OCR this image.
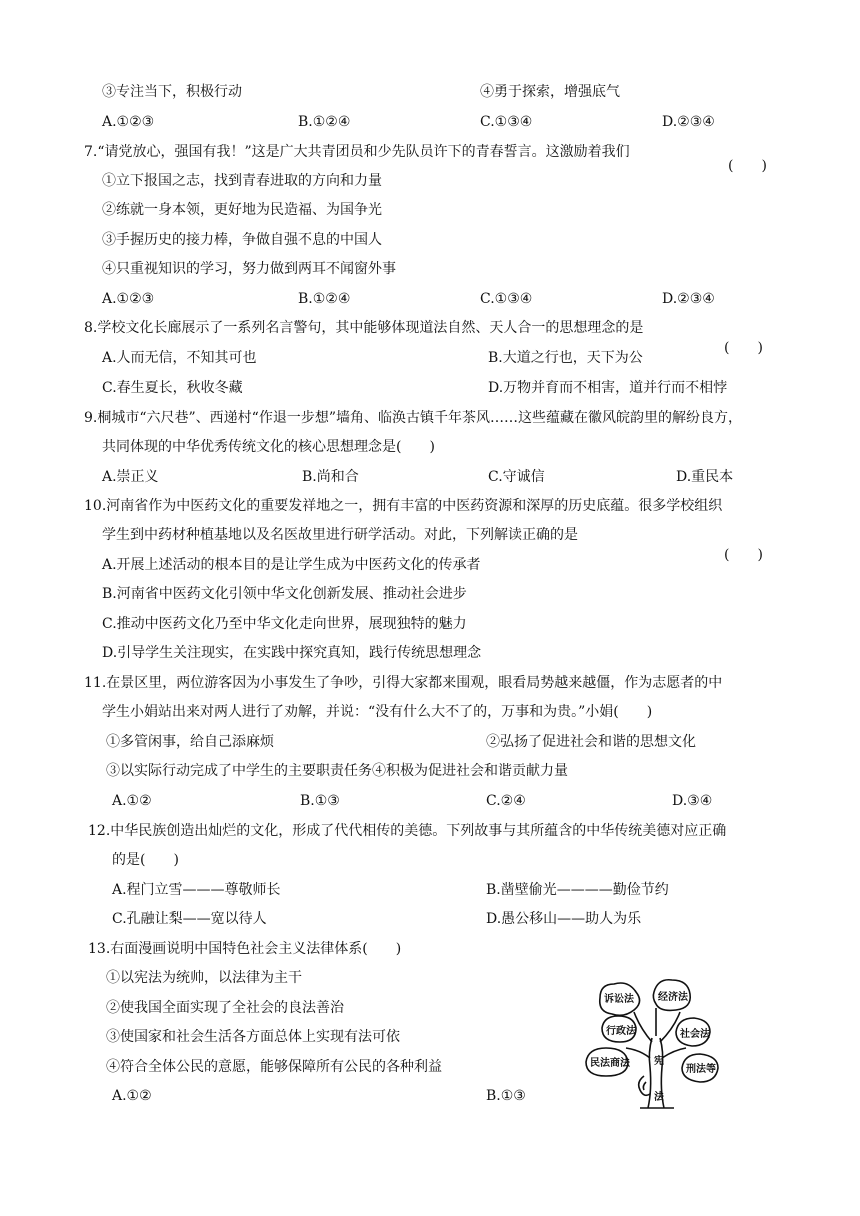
③专注当下，积极行动	④勇于探索，增强底气
A.①②③	B.①②④	C.①③④	D.②③④
7.“请党放心，强国有我！”这是广大共青团员和少先队员许下的青春誓言。这激励着我们
(　　)
①立下报国之志，找到青春进取的方向和力量
②练就一身本领，更好地为民造福、为国争光
③手握历史的接力棒，争做自强不息的中国人
④只重视知识的学习，努力做到两耳不闻窗外事
A.①②③	B.①②④	C.①③④	D.②③④
8.学校文化长廊展示了一系列名言警句，其中能够体现道法自然、天人合一的思想理念的是
(　　)
A.人而无信，不知其可也	B.大道之行也，天下为公
C.春生夏长，秋收冬藏	D.万物并育而不相害，道并行而不相悖
9.桐城市“六尺巷”、西递村“作退一步想”墙角、临涣古镇千年茶风……这些蕴藏在徽风皖韵里的解纷良方，
共同体现的中华优秀传统文化的核心思想理念是(　　)
A.崇正义	B.尚和合	C.守诚信	D.重民本
10.河南省作为中医药文化的重要发祥地之一，拥有丰富的中医药资源和深厚的历史底蕴。很多学校组织
学生到中药材种植基地以及名医故里进行研学活动。对此，下列解读正确的是
(　　)
A.开展上述活动的根本目的是让学生成为中医药文化的传承者
B.河南省中医药文化引领中华文化创新发展、推动社会进步
C.推动中医药文化乃至中华文化走向世界，展现独特的魅力
D.引导学生关注现实，在实践中探究真知，践行传统思想理念
11.在景区里，两位游客因为小事发生了争吵，引得大家都来围观，眼看局势越来越僵，作为志愿者的中
学生小娟站出来对两人进行了劝解，并说：“没有什么大不了的，万事和为贵。”小娟(　　)
①多管闲事，给自己添麻烦	②弘扬了促进社会和谐的思想文化
③以实际行动完成了中学生的主要职责任务④积极为促进社会和谐贡献力量
A.①②	B.①③	C.②④	D.③④
12.中华民族创造出灿烂的文化，形成了代代相传的美德。下列故事与其所蕴含的中华传统美德对应正确
的是(　　)
A.程门立雪———尊敬师长	B.凿壁偷光————勤俭节约
C.孔融让梨——宽以待人	D.愚公移山——助人为乐
13.右面漫画说明中国特色社会主义法律体系(　　)
①以宪法为统帅，以法律为主干
②使我国全面实现了全社会的良法善治
③使国家和社会生活各方面总体上实现有法可依
④符合全体公民的意愿，能够保障所有公民的各种利益
A.①②	B.①③
诉讼法 经济法
行政法	社会法
民法商法
刑法等
宪
法
